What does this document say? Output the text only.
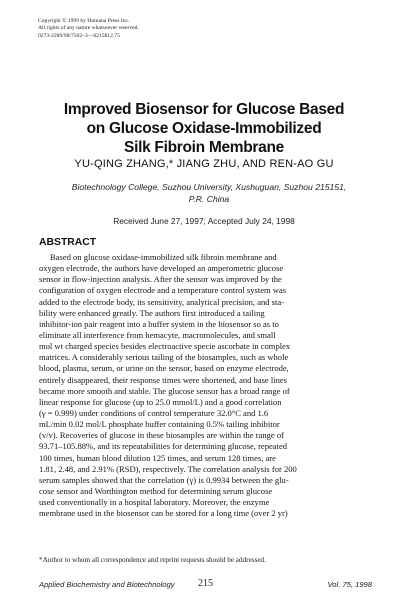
Copyright © 1999 by Humana Press Inc.
All rights of any nature whatsoever reserved.
0273-2289/98/7502–3—0215$12.75
Improved Biosensor for Glucose Based
on Glucose Oxidase-Immobilized
Silk Fibroin Membrane
YU-QING ZHANG,* JIANG ZHU, AND REN-AO GU
Biotechnology College, Suzhou University, Xushuguan, Suzhou 215151,
P.R. China
Received June 27, 1997; Accepted July 24, 1998
ABSTRACT
Based on glucose oxidase-immobilized silk fibroin membrane and
oxygen electrode, the authors have developed an amperometric glucose
sensor in flow-injection analysis. After the sensor was improved by the
configuration of oxygen electrode and a temperature control system was
added to the electrode body, its sensitivity, analytical precision, and sta-
bility were enhanced greatly. The authors first introduced a tailing
inhibitor-ion pair reagent into a buffer system in the biosensor so as to
eliminate all interference from hemacyte, macromolecules, and small
mol wt charged species besides electroactive specie ascorbate in complex
matrices. A considerably serious tailing of the biosamples, such as whole
blood, plasma, serum, or urine on the sensor, based on enzyme electrode,
entirely disappeared, their response times were shortened, and base lines
became more smooth and stable. The glucose sensor has a broad range of
linear response for glucose (up to 25.0 mmol/L) and a good correlation
(γ = 0.999) under conditions of control temperature 32.0°C and 1.6
mL/min 0.02 mol/L phosphate buffer containing 0.5% tailing inhibitor
(v/v). Recoveries of glucose in these biosamples are within the range of
93.71–105.88%, and its repeatabilities for determining glucose, repeated
100 times, human blood dilution 125 times, and serum 128 times, are
1.81, 2.48, and 2.91% (RSD), respectively. The correlation analysis for 200
serum samples showed that the correlation (γ) is 0.9934 between the glu-
cose sensor and Worthington method for determining serum glucose
used conventionally in a hospital laboratory. Moreover, the enzyme
membrane used in the biosensor can be stored for a long time (over 2 yr)
*Author to whom all correspondence and reprint requests should be addressed.
Applied Biochemistry and Biotechnology	215	Vol. 75, 1998
